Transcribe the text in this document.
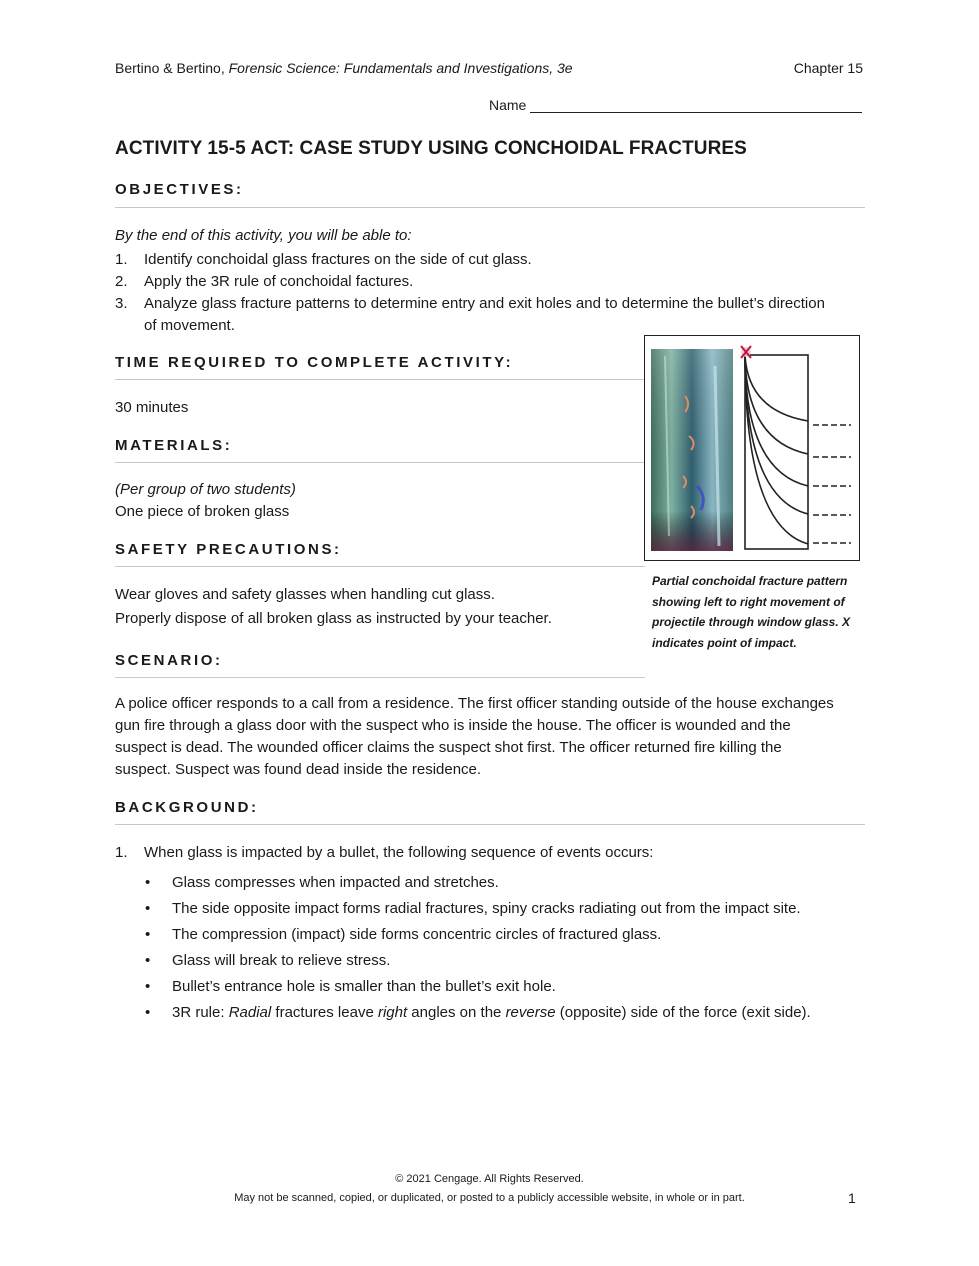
Bertino & Bertino, Forensic Science: Fundamentals and Investigations, 3e	Chapter 15
Name
ACTIVITY 15-5 ACT: CASE STUDY USING CONCHOIDAL FRACTURES
OBJECTIVES:
By the end of this activity, you will be able to:
1. Identify conchoidal glass fractures on the side of cut glass.
2. Apply the 3R rule of conchoidal factures.
3. Analyze glass fracture patterns to determine entry and exit holes and to determine the bullet’s direction of movement.
TIME REQUIRED TO COMPLETE ACTIVITY:
30 minutes
MATERIALS:
(Per group of two students)
One piece of broken glass
SAFETY PRECAUTIONS:
Wear gloves and safety glasses when handling cut glass.
Properly dispose of all broken glass as instructed by your teacher.
Partial conchoidal fracture pattern showing left to right movement of projectile through window glass. X indicates point of impact.
SCENARIO:
A police officer responds to a call from a residence. The first officer standing outside of the house exchanges gun fire through a glass door with the suspect who is inside the house. The officer is wounded and the suspect is dead. The wounded officer claims the suspect shot first. The officer returned fire killing the suspect. Suspect was found dead inside the residence.
BACKGROUND:
1. When glass is impacted by a bullet, the following sequence of events occurs:
• Glass compresses when impacted and stretches.
• The side opposite impact forms radial fractures, spiny cracks radiating out from the impact site.
• The compression (impact) side forms concentric circles of fractured glass.
• Glass will break to relieve stress.
• Bullet’s entrance hole is smaller than the bullet’s exit hole.
• 3R rule: Radial fractures leave right angles on the reverse (opposite) side of the force (exit side).
© 2021 Cengage. All Rights Reserved.
May not be scanned, copied, or duplicated, or posted to a publicly accessible website, in whole or in part.	1
